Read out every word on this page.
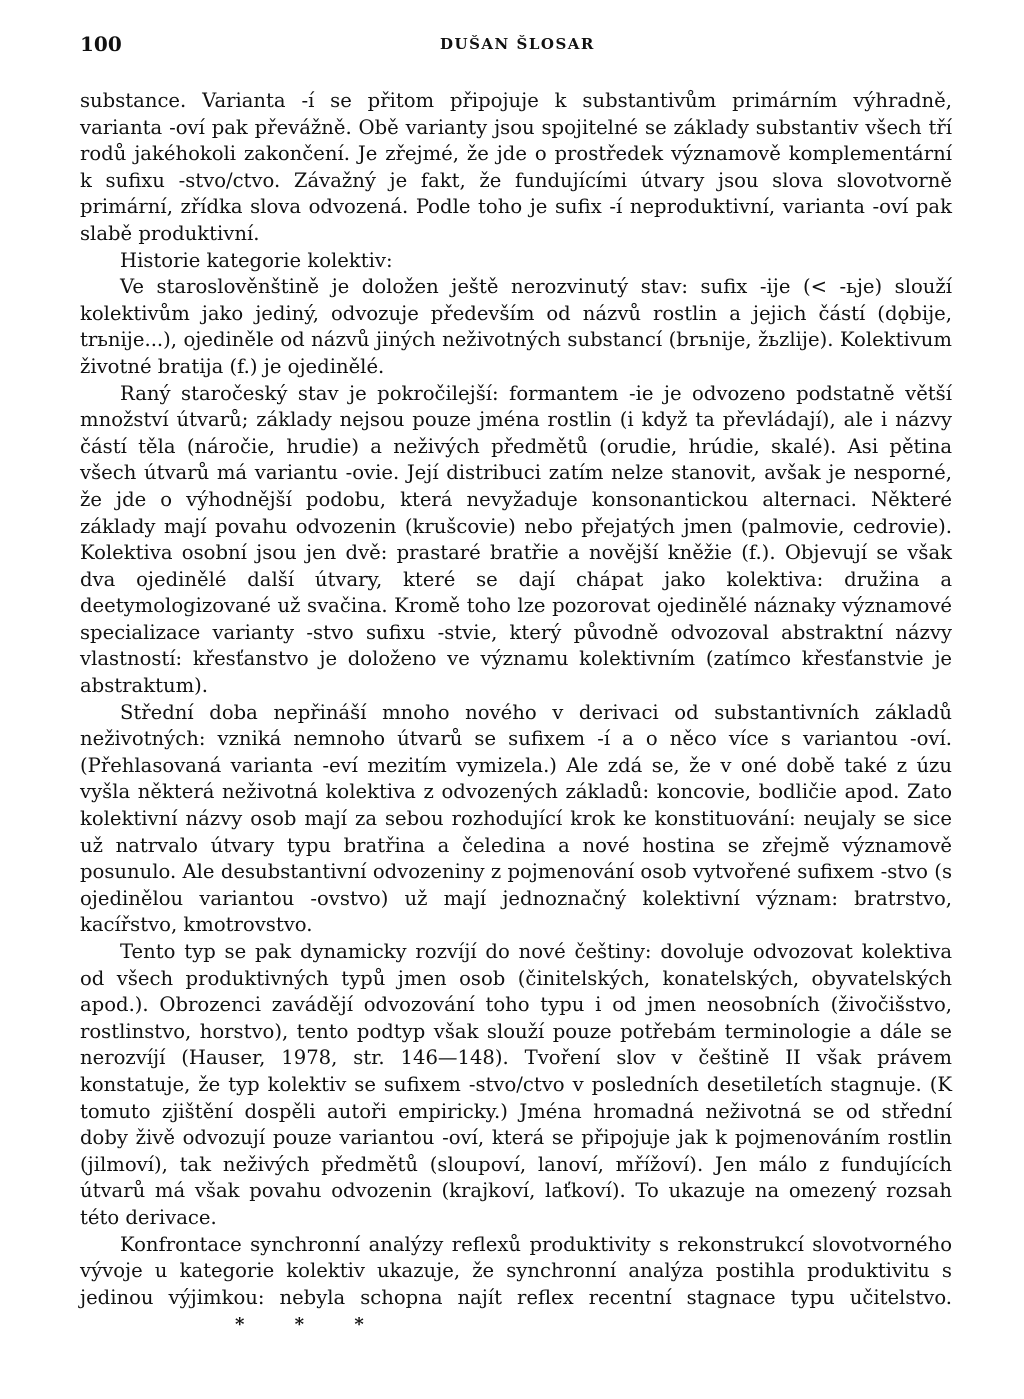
100	DUŠAN ŠLOSAR

substance. Varianta -í se přitom připojuje k substantivům primárním výhradně, varianta -oví pak převážně. Obě varianty jsou spojitelné se základy substantiv všech tří rodů jakéhokoli zakončení. Je zřejmé, že jde o prostředek významově komplementární k sufixu -stvo/ctvo. Závažný je fakt, že fundujícími útvary jsou slova slovotvorně primární, zřídka slova odvozená. Podle toho je sufix -í neproduktivní, varianta -oví pak slabě produktivní.

Historie kategorie kolektiv:

Ve staroslověnštině je doložen ještě nerozvinutý stav: sufix -ije (< -ьje) slouží kolektivům jako jediný, odvozuje především od názvů rostlin a jejich částí (dǫbije, trьnije...), ojediněle od názvů jiných neživotných substancí (brьnije, žьzlije). Kolektivum životné bratija (f.) je ojedinělé.

Raný staročeský stav je pokročilejší: formantem -ie je odvozeno podstatně větší množství útvarů; základy nejsou pouze jména rostlin (i když ta převládají), ale i názvy částí těla (náročie, hrudie) a neživých předmětů (orudie, hrúdie, skalé). Asi pětina všech útvarů má variantu -ovie. Její distribuci zatím nelze stanovit, avšak je nesporné, že jde o výhodnější podobu, která nevyžaduje konsonantickou alternaci. Některé základy mají povahu odvozenin (krušcovie) nebo přejatých jmen (palmovie, cedrovie). Kolektiva osobní jsou jen dvě: prastaré bratřie a novější kněžie (f.). Objevují se však dva ojedinělé další útvary, které se dají chápat jako kolektiva: družina a deetymologizované už svačina. Kromě toho lze pozorovat ojedinělé náznaky významové specializace varianty -stvo sufixu -stvie, který původně odvozoval abstraktní názvy vlastností: křesťanstvo je doloženo ve významu kolektivním (zatímco křesťanstvie je abstraktum).

Střední doba nepřináší mnoho nového v derivaci od substantivních základů neživotných: vzniká nemnoho útvarů se sufixem -í a o něco více s variantou -oví. (Přehlasovaná varianta -eví mezitím vymizela.) Ale zdá se, že v oné době také z úzu vyšla některá neživotná kolektiva z odvozených základů: koncovie, bodličie apod. Zato kolektivní názvy osob mají za sebou rozhodující krok ke konstituování: neujaly se sice už natrvalo útvary typu bratřina a čeledina a nové hostina se zřejmě významově posunulo. Ale desubstantivní odvozeniny z pojmenování osob vytvořené sufixem -stvo (s ojedinělou variantou -ovstvo) už mají jednoznačný kolektivní význam: bratrstvo, kacířstvo, kmotrovstvo.

Tento typ se pak dynamicky rozvíjí do nové češtiny: dovoluje odvozovat kolektiva od všech produktivných typů jmen osob (činitelských, konatelských, obyvatelských apod.). Obrozenci zavádějí odvozování toho typu i od jmen neosobních (živočišstvo, rostlinstvo, horstvo), tento podtyp však slouží pouze potřebám terminologie a dále se nerozvíjí (Hauser, 1978, str. 146—148). Tvoření slov v češtině II však právem konstatuje, že typ kolektiv se sufixem -stvo/ctvo v posledních desetiletích stagnuje. (K tomuto zjištění dospěli autoři empiricky.) Jména hromadná neživotná se od střední doby živě odvozují pouze variantou -oví, která se připojuje jak k pojmenováním rostlin (jilmoví), tak neživých předmětů (sloupoví, lanoví, mřížoví). Jen málo z fundujících útvarů má však povahu odvozenin (krajkoví, laťkoví). To ukazuje na omezený rozsah této derivace.

Konfrontace synchronní analýzy reflexů produktivity s rekonstrukcí slovotvorného vývoje u kategorie kolektiv ukazuje, že synchronní analýza postihla produktivitu s jedinou výjimkou: nebyla schopna najít reflex recentní stagnace typu učitelstvo.* * *
